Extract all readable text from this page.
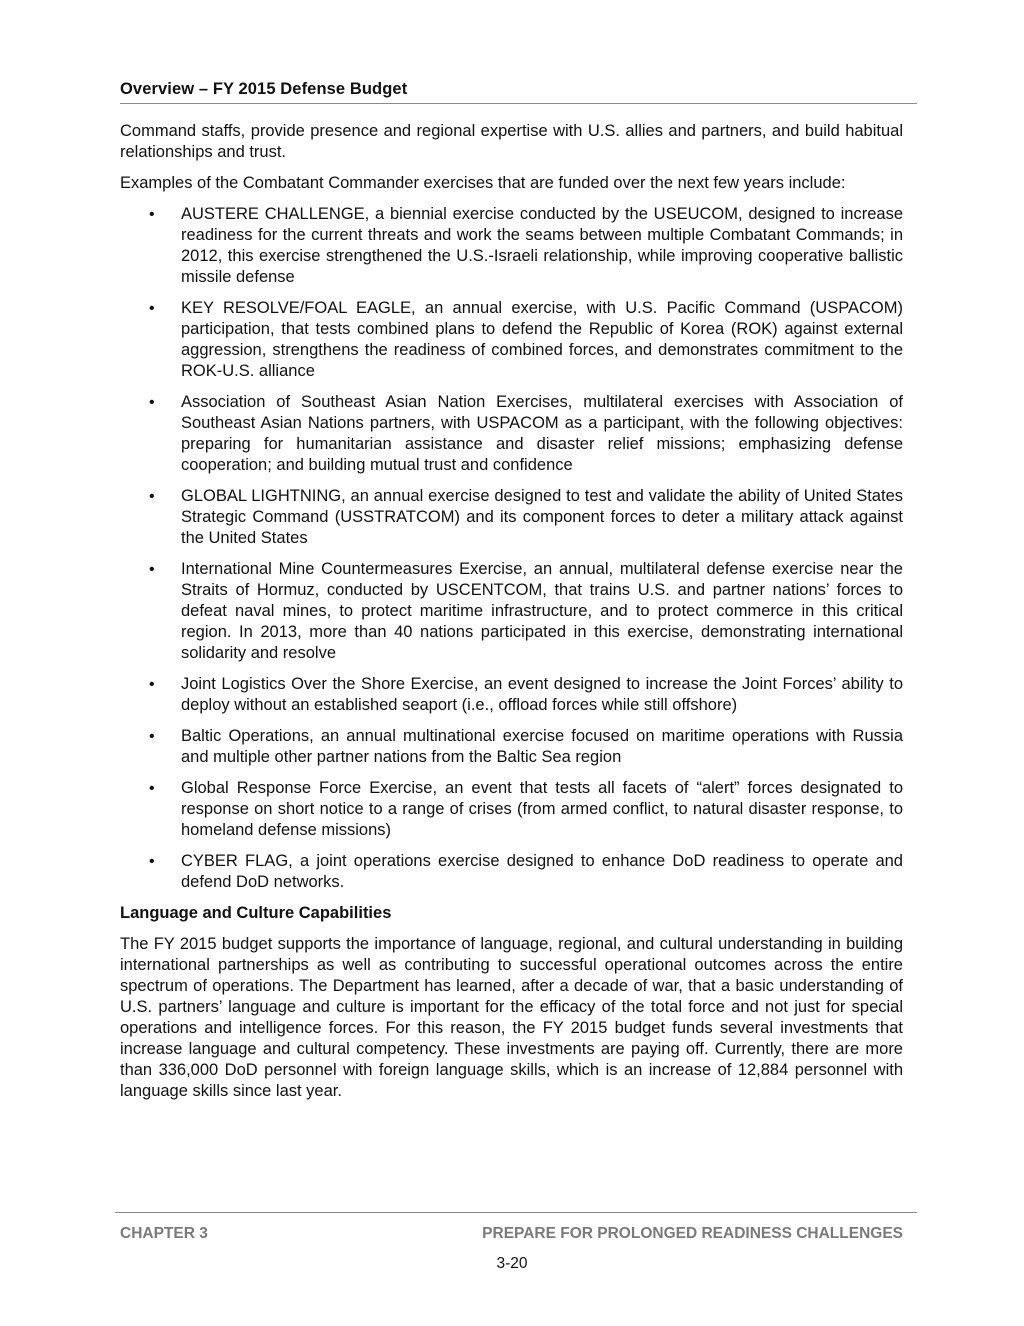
Overview – FY 2015 Defense Budget

Command staffs, provide presence and regional expertise with U.S. allies and partners, and build habitual relationships and trust.

Examples of the Combatant Commander exercises that are funded over the next few years include:

• AUSTERE CHALLENGE, a biennial exercise conducted by the USEUCOM, designed to increase readiness for the current threats and work the seams between multiple Combatant Commands; in 2012, this exercise strengthened the U.S.-Israeli relationship, while improving cooperative ballistic missile defense
• KEY RESOLVE/FOAL EAGLE, an annual exercise, with U.S. Pacific Command (USPACOM) participation, that tests combined plans to defend the Republic of Korea (ROK) against external aggression, strengthens the readiness of combined forces, and demonstrates commitment to the ROK-U.S. alliance
• Association of Southeast Asian Nation Exercises, multilateral exercises with Association of Southeast Asian Nations partners, with USPACOM as a participant, with the following objectives: preparing for humanitarian assistance and disaster relief missions; emphasizing defense cooperation; and building mutual trust and confidence
• GLOBAL LIGHTNING, an annual exercise designed to test and validate the ability of United States Strategic Command (USSTRATCOM) and its component forces to deter a military attack against the United States
• International Mine Countermeasures Exercise, an annual, multilateral defense exercise near the Straits of Hormuz, conducted by USCENTCOM, that trains U.S. and partner nations’ forces to defeat naval mines, to protect maritime infrastructure, and to protect commerce in this critical region. In 2013, more than 40 nations participated in this exercise, demonstrating international solidarity and resolve
• Joint Logistics Over the Shore Exercise, an event designed to increase the Joint Forces’ ability to deploy without an established seaport (i.e., offload forces while still offshore)
• Baltic Operations, an annual multinational exercise focused on maritime operations with Russia and multiple other partner nations from the Baltic Sea region
• Global Response Force Exercise, an event that tests all facets of “alert” forces designated to response on short notice to a range of crises (from armed conflict, to natural disaster response, to homeland defense missions)
• CYBER FLAG, a joint operations exercise designed to enhance DoD readiness to operate and defend DoD networks.
Language and Culture Capabilities

The FY 2015 budget supports the importance of language, regional, and cultural understanding in building international partnerships as well as contributing to successful operational outcomes across the entire spectrum of operations. The Department has learned, after a decade of war, that a basic understanding of U.S. partners’ language and culture is important for the efficacy of the total force and not just for special operations and intelligence forces. For this reason, the FY 2015 budget funds several investments that increase language and cultural competency. These investments are paying off. Currently, there are more than 336,000 DoD personnel with foreign language skills, which is an increase of 12,884 personnel with language skills since last year.

CHAPTER 3	PREPARE FOR PROLONGED READINESS CHALLENGES
3-20
